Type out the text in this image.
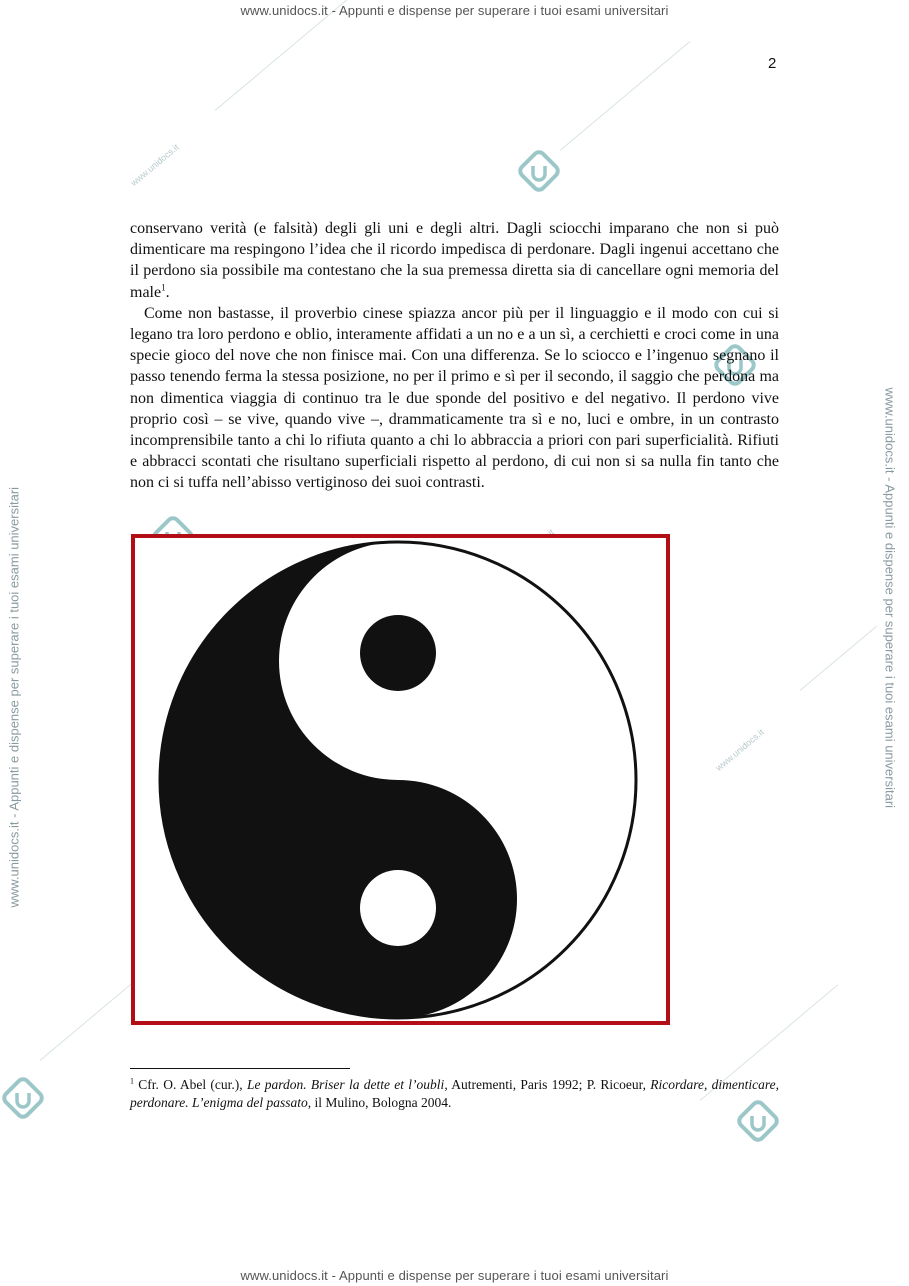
www.unidocs.it - Appunti e dispense per superare i tuoi esami universitari
www.unidocs.it - Appunti e dispense per superare i tuoi esami universitari
www.unidocs.it - Appunti e dispense per superare i tuoi esami universitari	www.unidocs.it - Appunti e dispense per superare i tuoi esami universitari
www.unidocs.it
www.unidocs.it
2

conservano verità (e falsità) degli gli uni e degli altri. Dagli sciocchi imparano che non si può dimenticare ma respingono l’idea che il ricordo impedisca di perdonare. Dagli ingenui accettano che il perdono sia possibile ma contestano che la sua premessa diretta sia di cancellare ogni memoria del male$^1$.

Come non bastasse, il proverbio cinese spiazza ancor più per il linguaggio e il modo con cui si legano tra loro perdono e oblio, interamente affidati a un no e a un sì, a cerchietti e croci come in una specie gioco del nove che non finisce mai. Con una differenza. Se lo sciocco e l’ingenuo segnano il passo tenendo ferma la stessa posizione, no per il primo e sì per il secondo, il saggio che perdona ma non dimentica viaggia di continuo tra le due sponde del positivo e del negativo. Il perdono vive proprio così – se vive, quando vive –, drammaticamente tra sì e no, luci e ombre, in un contrasto incomprensibile tanto a chi lo rifiuta quanto a chi lo abbraccia a priori con pari superficialità. Rifiuti e abbracci scontati che risultano superficiali rispetto al perdono, di cui non si sa nulla fin tanto che non ci si tuffa nell’abisso vertiginoso dei suoi contrasti.

$^1$ Cfr. O. Abel (cur.), Le pardon. Briser la dette et l’oubli, Autrementi, Paris 1992; P. Ricoeur, Ricordare, dimenticare, perdonare. L’enigma del passato, il Mulino, Bologna 2004.
